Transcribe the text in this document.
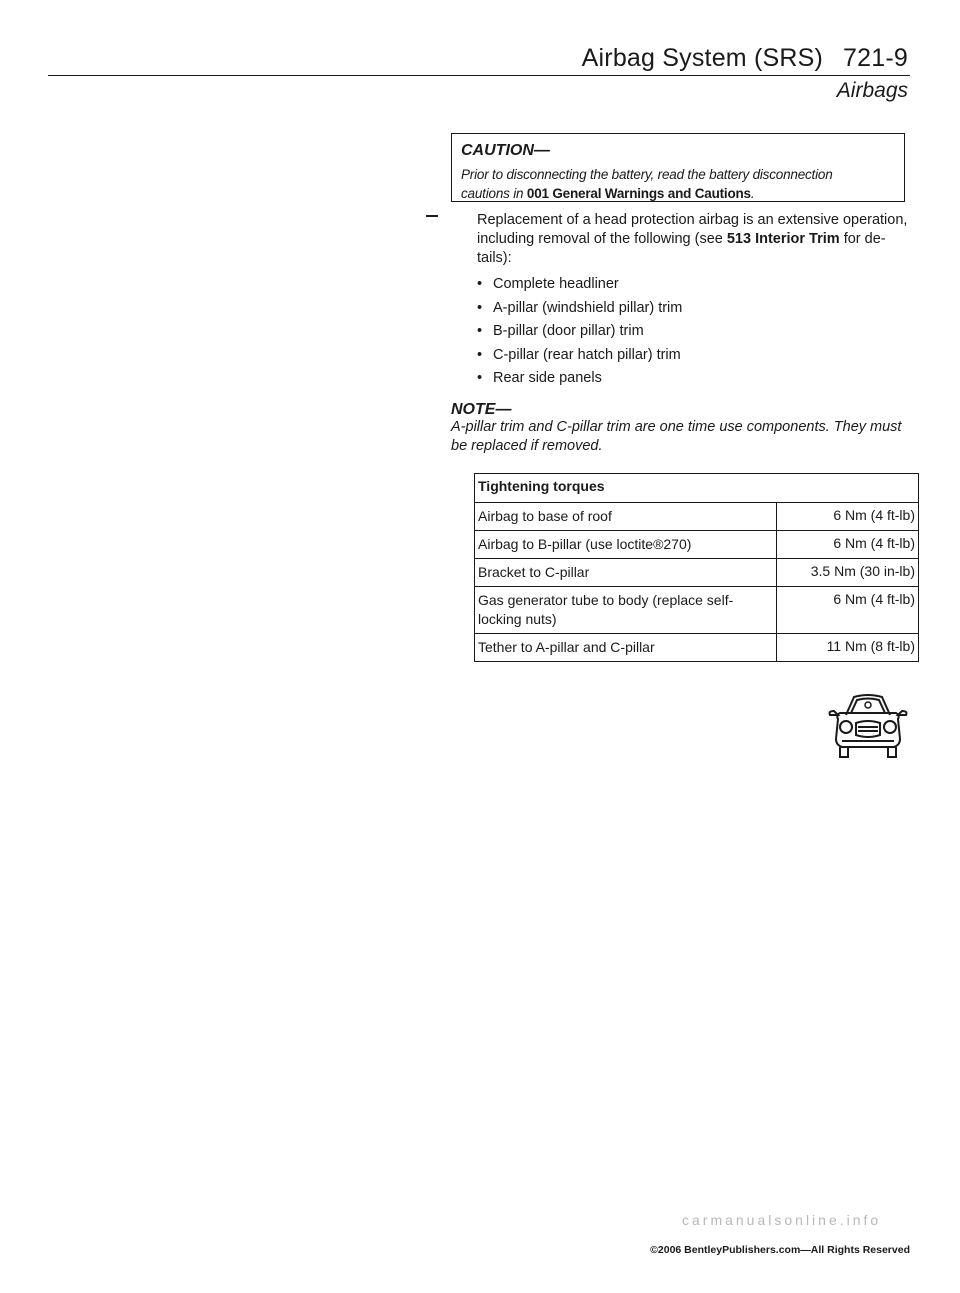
Airbag System (SRS) 721-9
Airbags
CAUTION—
Prior to disconnecting the battery, read the battery disconnection
cautions in 001 General Warnings and Cautions.
Replacement of a head protection airbag is an extensive operation, including removal of the following (see 513 Interior Trim for de-tails):
• Complete headliner
• A-pillar (windshield pillar) trim
• B-pillar (door pillar) trim
• C-pillar (rear hatch pillar) trim
• Rear side panels
NOTE—
A-pillar trim and C-pillar trim are one time use components. They must be replaced if removed.
Tightening torques	
Airbag to base of roof	6 Nm (4 ft-lb)
Airbag to B-pillar (use loctite®270)	6 Nm (4 ft-lb)
Bracket to C-pillar	3.5 Nm (30 in-lb)
Gas generator tube to body (replace self-locking nuts)	6 Nm (4 ft-lb)
Tether to A-pillar and C-pillar	11 Nm (8 ft-lb)
carmanualsonline.info
©2006 BentleyPublishers.com—All Rights Reserved
